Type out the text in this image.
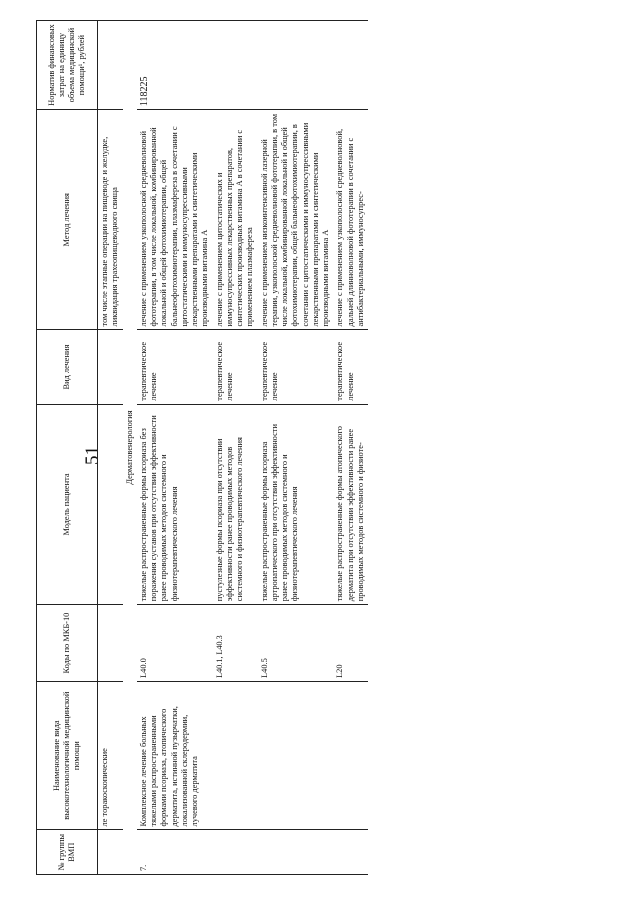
51
№ группы ВМП	Наименование вида высокотехнологичной медицинской помощи	Коды по МКБ-10	Модель пациента	Вид лечения	Метод лечения	Норматив финансовых затрат на единицу объема медицинской помощи¹, рублей
	ле торакоскопические				том числе этапные операции на пищеводе и желудке, ликвидация трахеопищеводного свища	
Дерматовенерология						
7.	Комплексное лечение больных тяжелыми распространенными формами псориаза, атопического дерматита, истинной пузырчатки, локализованной склеродермии, лучевого дерматита	L40.0	тяжелые распространенные формы псориаза без поражения суставов при отсутствии эффективности ранее проводимых методов системного и физиотерапевтического лечения	терапевтическое лечение	лечение с применением узкополосной средневолновой фототерапии, в том числе локальной, комбинированной локальной и общей фотохимиотерапии, общей бальнеофотохимиотерапии, плазмафереза в сочетании с цитостатическими и иммуносупрессивными лекарственными препаратами и синтетическими производными витамина А	118225
		L40.1, L40.3	пустулезные формы псориаза при отсутствии эффективности ранее проводимых методов системного и физиотерапевтического лечения	терапевтическое лечение	лечение с применением цитостатических и иммуносупрессивных лекарственных препаратов, синтетических производных витамина А в сочетании с применением плазмафереза	
		L40.5	тяжелые распространенные формы псориаза артропатического при отсутствии эффективности ранее проводимых методов системного и физиотерапевтического лечения	терапевтическое лечение	лечение с применением низкоинтенсивной лазерной терапии, узкополосной средневолновой фототерапии, в том числе локальной, комбинированной локальной и общей фотохимиотерапии, общей бальнеофотохимиотерапии, в сочетании с цитостатическими и иммуносупрессивными лекарственными препаратами и синтетическими производными витамина А	
		L20	тяжелые распространенные формы атопического дерматита при отсутствии эффективности ранее проводимых методов системного и физиоте-	терапевтическое лечение	лечение с применением узкополосной средневолновой, дальней длинноволновой фототерапии в сочетании с антибактериальными, иммуносупрес-	
